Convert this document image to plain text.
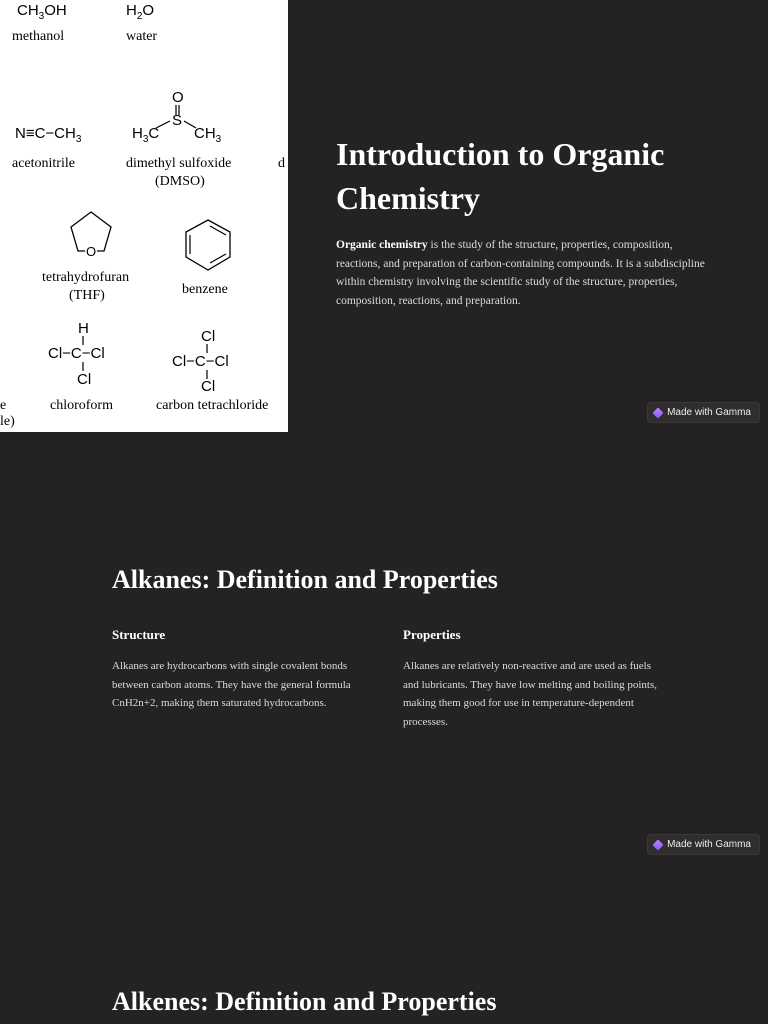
$CH_3OH$
methanol
$H_2O$
water
$N\equiv C-CH_3$
acetonitrile
O
S
$H_3C$ $CH_3$
dimethyl sulfoxide
(DMSO)
d
O
tetrahydrofuran
(THF)	benzene
H
Cl−C−Cl
Cl
chloroform
Cl
Cl−C−Cl
Cl
carbon tetrachloride
e
le)
Introduction to Organic Chemistry

Organic chemistry is the study of the structure, properties, composition, reactions, and preparation of carbon-containing compounds. It is a subdiscipline within chemistry involving the scientific study of the structure, properties, composition, reactions, and preparation.

Made with Gamma
Alkanes: Definition and Properties
Structure

Alkanes are hydrocarbons with single covalent bonds between carbon atoms. They have the general formula CnH2n+2, making them saturated hydrocarbons.

Properties

Alkanes are relatively non-reactive and are used as fuels and lubricants. They have low melting and boiling points, making them good for use in temperature-dependent processes.

Made with Gamma
Alkenes: Definition and Properties
